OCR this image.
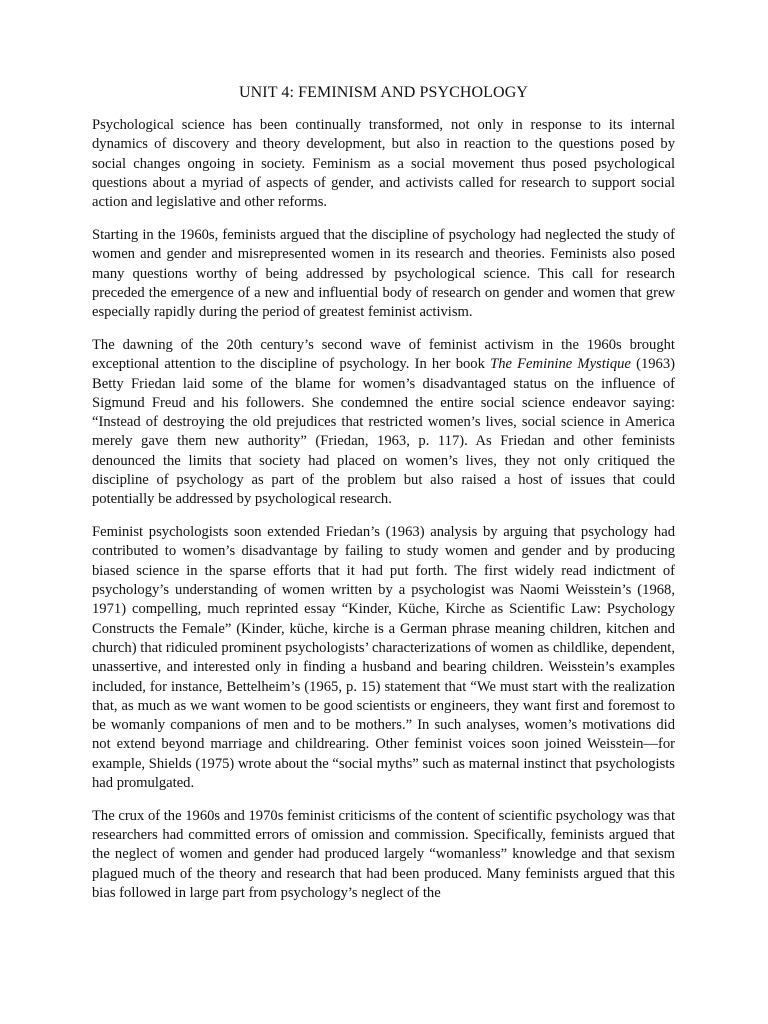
UNIT 4: FEMINISM AND PSYCHOLOGY

Psychological science has been continually transformed, not only in response to its internal dynamics of discovery and theory development, but also in reaction to the questions posed by social changes ongoing in society. Feminism as a social movement thus posed psychological questions about a myriad of aspects of gender, and activists called for research to support social action and legislative and other reforms.

Starting in the 1960s, feminists argued that the discipline of psychology had neglected the study of women and gender and misrepresented women in its research and theories. Feminists also posed many questions worthy of being addressed by psychological science. This call for research preceded the emergence of a new and influential body of research on gender and women that grew especially rapidly during the period of greatest feminist activism.

The dawning of the 20th century’s second wave of feminist activism in the 1960s brought exceptional attention to the discipline of psychology. In her book The Feminine Mystique (1963) Betty Friedan laid some of the blame for women’s disadvantaged status on the influence of Sigmund Freud and his followers. She condemned the entire social science endeavor saying: “Instead of destroying the old prejudices that restricted women’s lives, social science in America merely gave them new authority” (Friedan, 1963, p. 117). As Friedan and other feminists denounced the limits that society had placed on women’s lives, they not only critiqued the discipline of psychology as part of the problem but also raised a host of issues that could potentially be addressed by psychological research.

Feminist psychologists soon extended Friedan’s (1963) analysis by arguing that psychology had contributed to women’s disadvantage by failing to study women and gender and by producing biased science in the sparse efforts that it had put forth. The first widely read indictment of psychology’s understanding of women written by a psychologist was Naomi Weisstein’s (1968, 1971) compelling, much reprinted essay “Kinder, Küche, Kirche as Scientific Law: Psychology Constructs the Female” (Kinder, küche, kirche is a German phrase meaning children, kitchen and church) that ridiculed prominent psychologists’ characterizations of women as childlike, dependent, unassertive, and interested only in finding a husband and bearing children. Weisstein’s examples included, for instance, Bettelheim’s (1965, p. 15) statement that “We must start with the realization that, as much as we want women to be good scientists or engineers, they want first and foremost to be womanly companions of men and to be mothers.” In such analyses, women’s motivations did not extend beyond marriage and childrearing. Other feminist voices soon joined Weisstein—for example, Shields (1975) wrote about the “social myths” such as maternal instinct that psychologists had promulgated.

The crux of the 1960s and 1970s feminist criticisms of the content of scientific psychology was that researchers had committed errors of omission and commission. Specifically, feminists argued that the neglect of women and gender had produced largely “womanless” knowledge and that sexism plagued much of the theory and research that had been produced. Many feminists argued that this bias followed in large part from psychology’s neglect of the
